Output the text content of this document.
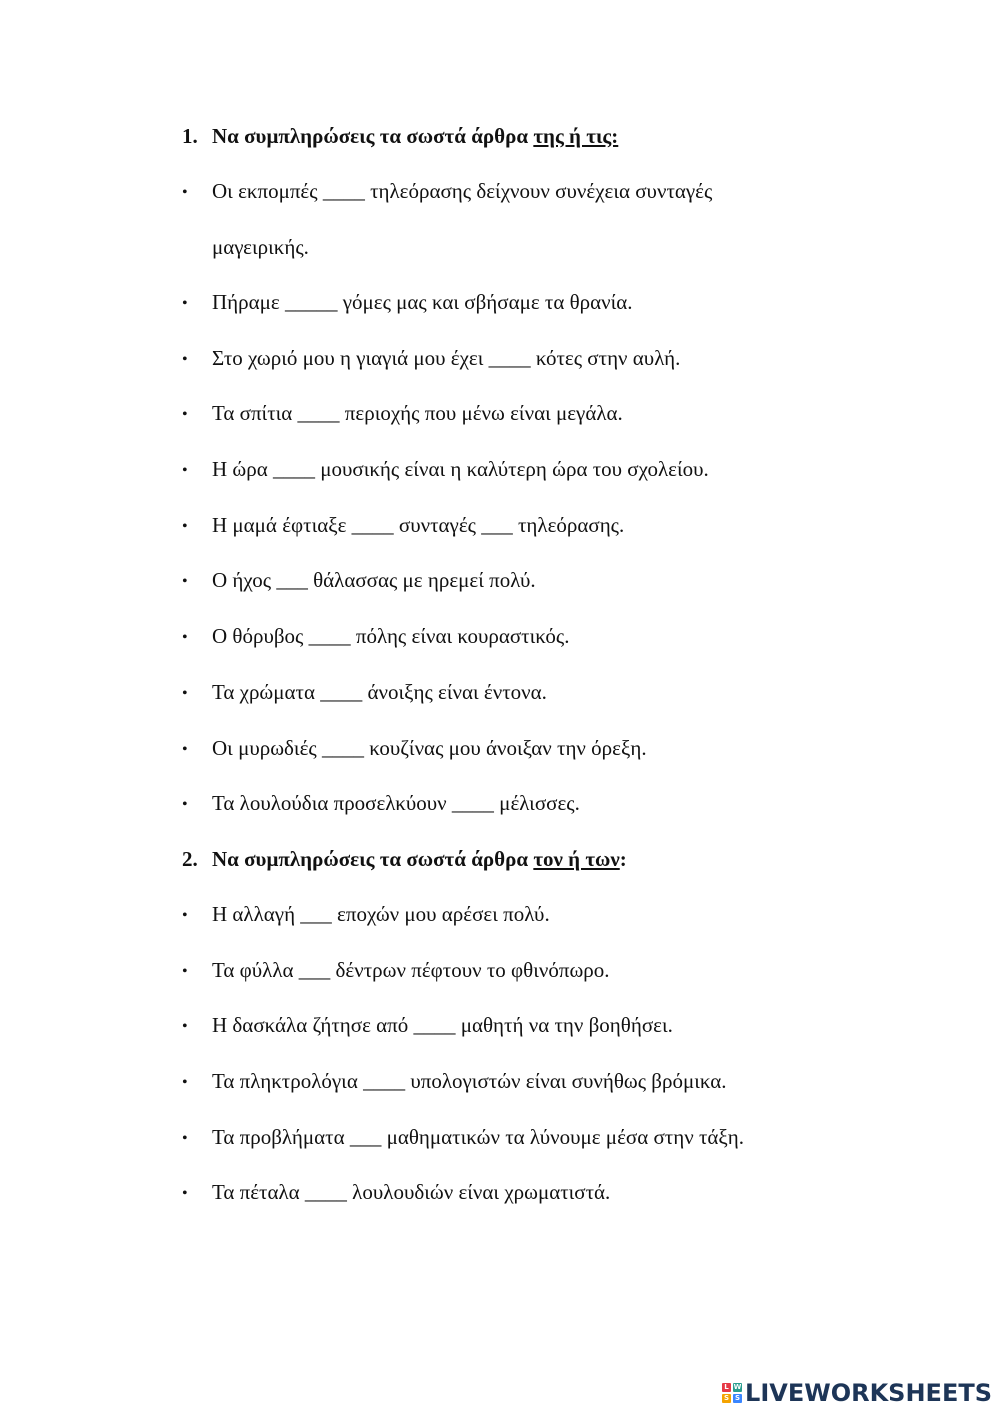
1. Να συμπληρώσεις τα σωστά άρθρα της ή τις:
• Οι εκπομπές ____ τηλεόρασης δείχνουν συνέχεια συνταγές
μαγειρικής.
• Πήραμε _____ γόμες μας και σβήσαμε τα θρανία.
• Στο χωριό μου η γιαγιά μου έχει ____ κότες στην αυλή.
• Τα σπίτια ____ περιοχής που μένω είναι μεγάλα.
• Η ώρα ____ μουσικής είναι η καλύτερη ώρα του σχολείου.
• Η μαμά έφτιαξε ____ συνταγές ___ τηλεόρασης.
• Ο ήχος ___ θάλασσας με ηρεμεί πολύ.
• Ο θόρυβος ____ πόλης είναι κουραστικός.
• Τα χρώματα ____ άνοιξης είναι έντονα.
• Οι μυρωδιές ____ κουζίνας μου άνοιξαν την όρεξη.
• Τα λουλούδια προσελκύουν ____ μέλισσες.
2. Να συμπληρώσεις τα σωστά άρθρα τον ή των:
• Η αλλαγή ___ εποχών μου αρέσει πολύ.
• Τα φύλλα ___ δέντρων πέφτουν το φθινόπωρο.
• Η δασκάλα ζήτησε από ____ μαθητή να την βοηθήσει.
• Τα πληκτρολόγια ____ υπολογιστών είναι συνήθως βρόμικα.
• Τα προβλήματα ___ μαθηματικών τα λύνουμε μέσα στην τάξη.
• Τα πέταλα ____ λουλουδιών είναι χρωματιστά.
L W
S S LIVEWORKSHEETS
